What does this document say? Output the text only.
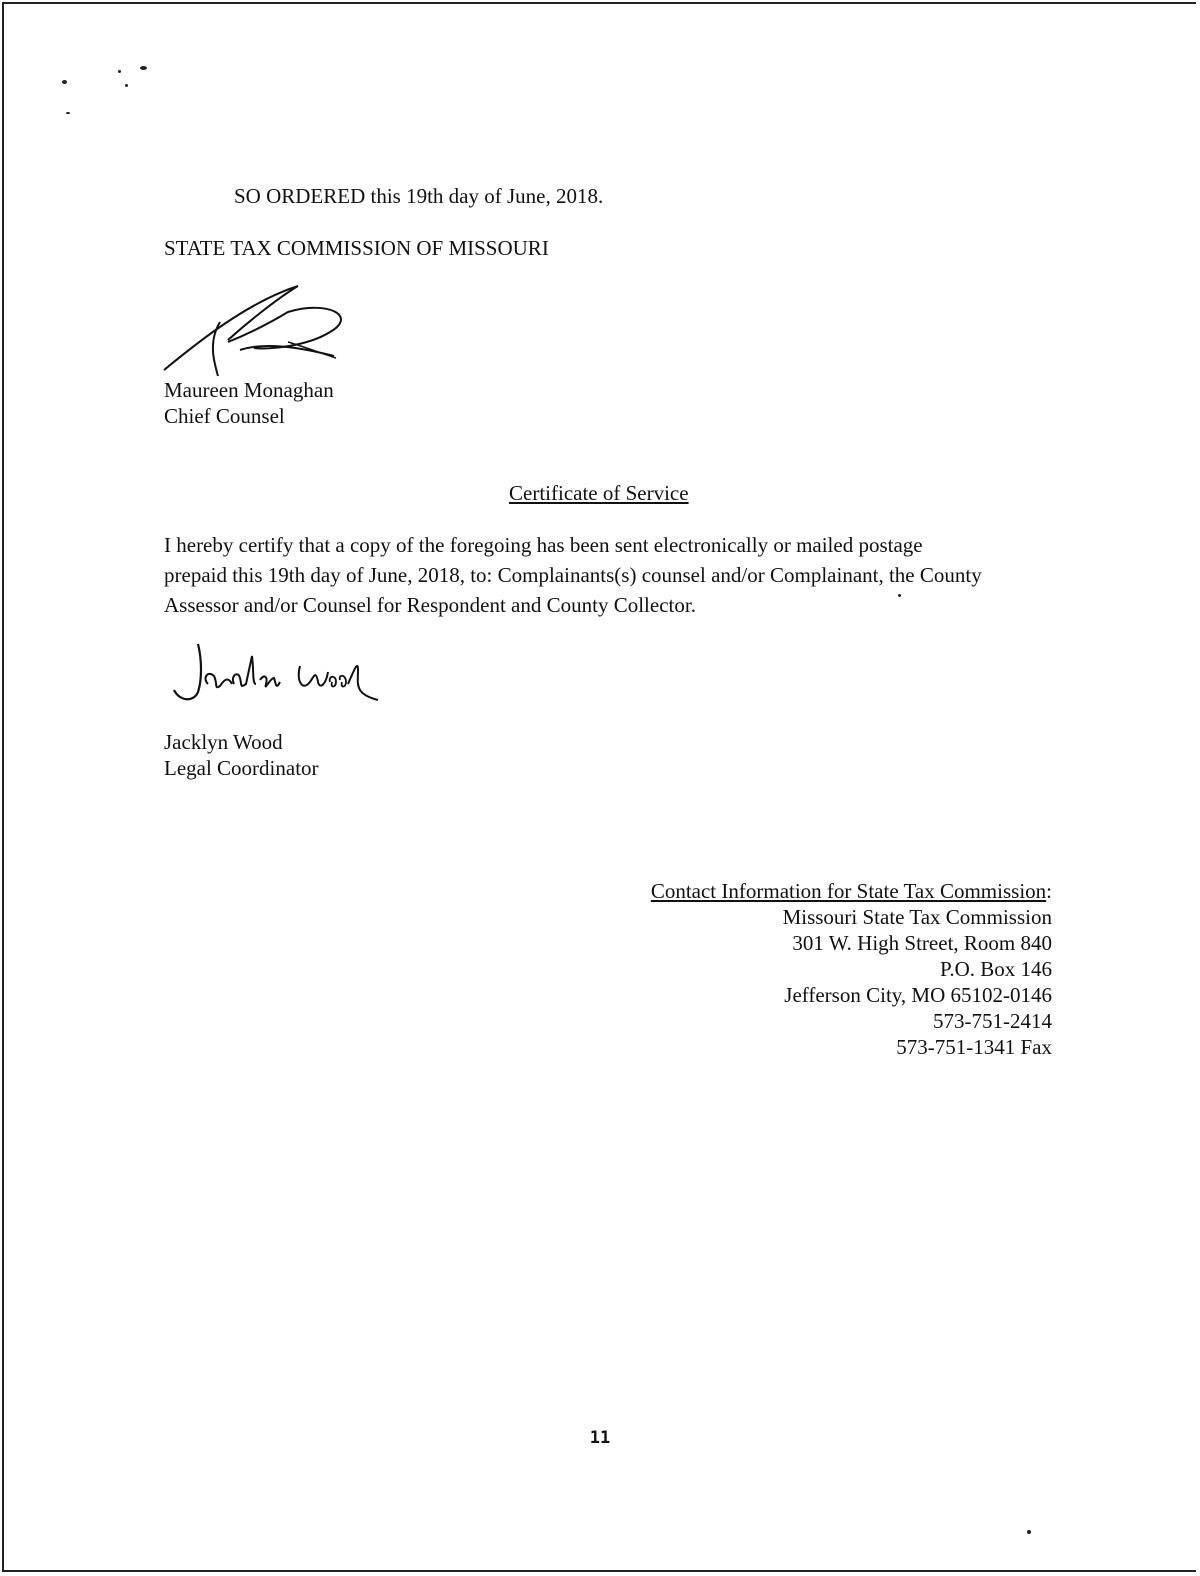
SO ORDERED this 19th day of June, 2018.

STATE TAX COMMISSION OF MISSOURI

Maureen Monaghan

Chief Counsel

Certificate of Service

I hereby certify that a copy of the foregoing has been sent electronically or mailed postage
prepaid this 19th day of June, 2018, to: Complainants(s) counsel and/or Complainant, the County
Assessor and/or Counsel for Respondent and County Collector.

Jacklyn Wood

Legal Coordinator

Contact Information for State Tax Commission:
Missouri State Tax Commission
301 W. High Street, Room 840
P.O. Box 146
Jefferson City, MO 65102-0146
573-751-2414
573-751-1341 Fax
11
